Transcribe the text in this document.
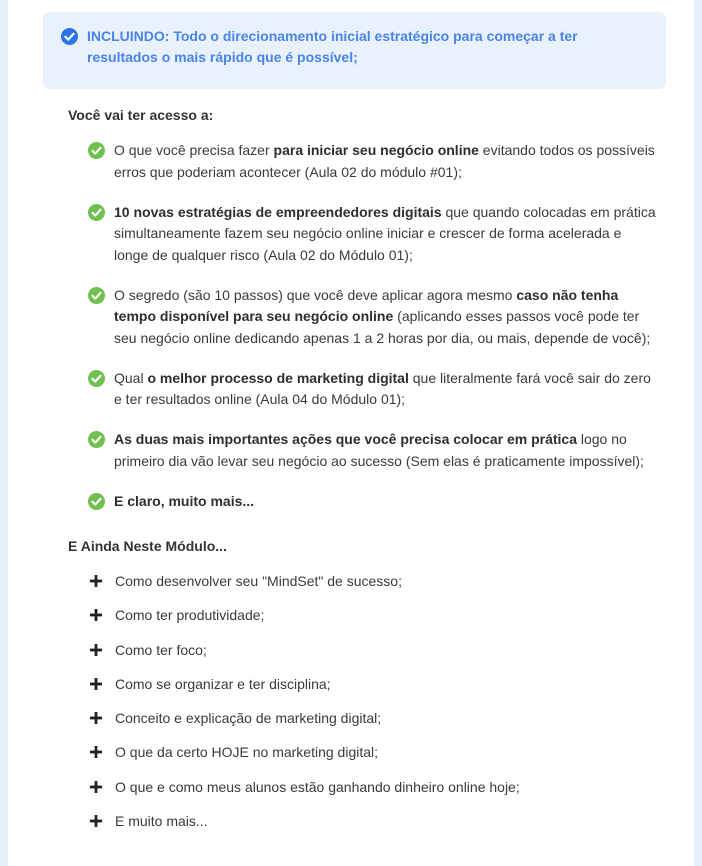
INCLUINDO: Todo o direcionamento inicial estratégico para começar a ter resultados o mais rápido que é possível;

Você vai ter acesso a:
O que você precisa fazer para iniciar seu negócio online evitando todos os possíveis erros que poderiam acontecer (Aula 02 do módulo #01);
10 novas estratégias de empreendedores digitais que quando colocadas em prática simultaneamente fazem seu negócio online iniciar e crescer de forma acelerada e longe de qualquer risco (Aula 02 do Módulo 01);
O segredo (são 10 passos) que você deve aplicar agora mesmo caso não tenha tempo disponível para seu negócio online (aplicando esses passos você pode ter seu negócio online dedicando apenas 1 a 2 horas por dia, ou mais, depende de você);
Qual o melhor processo de marketing digital que literalmente fará você sair do zero e ter resultados online (Aula 04 do Módulo 01);
As duas mais importantes ações que você precisa colocar em prática logo no primeiro dia vão levar seu negócio ao sucesso (Sem elas é praticamente impossível);
E claro, muito mais...
E Ainda Neste Módulo...
Como desenvolver seu "MindSet" de sucesso;
Como ter produtividade;
Como ter foco;
Como se organizar e ter disciplina;
Conceito e explicação de marketing digital;
O que da certo HOJE no marketing digital;
O que e como meus alunos estão ganhando dinheiro online hoje;
E muito mais...
